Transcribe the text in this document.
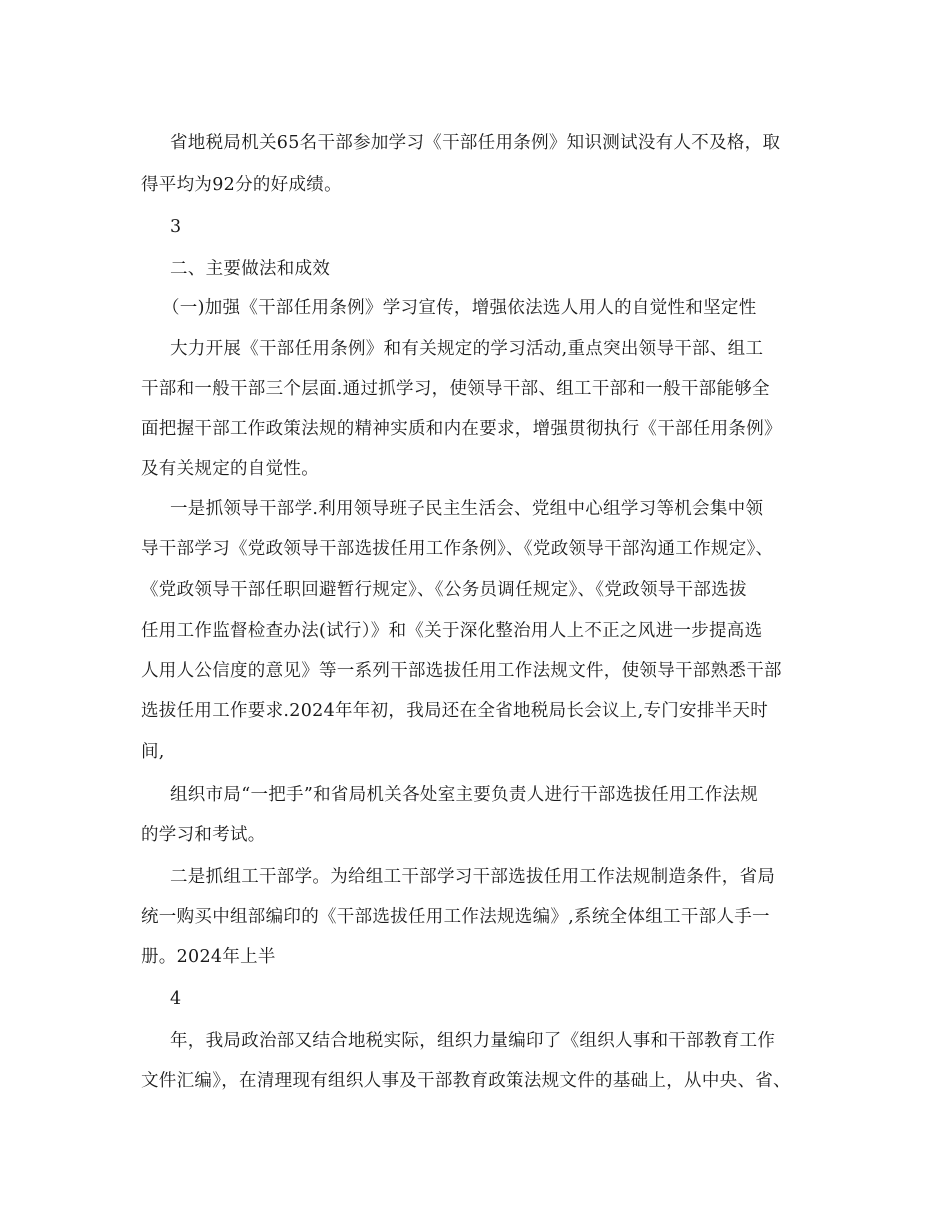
省地税局机关65名干部参加学习《干部任用条例》知识测试没有人不及格，取
得平均为92分的好成绩。
3
二、主要做法和成效
（一)加强《干部任用条例》学习宣传，增强依法选人用人的自觉性和坚定性
大力开展《干部任用条例》和有关规定的学习活动,重点突出领导干部、组工
干部和一般干部三个层面.通过抓学习，使领导干部、组工干部和一般干部能够全
面把握干部工作政策法规的精神实质和内在要求，增强贯彻执行《干部任用条例》
及有关规定的自觉性。
一是抓领导干部学.利用领导班子民主生活会、党组中心组学习等机会集中领
导干部学习《党政领导干部选拔任用工作条例》、《党政领导干部沟通工作规定》、
《党政领导干部任职回避暂行规定》、《公务员调任规定》、《党政领导干部选拔
任用工作监督检查办法(试行）》和《关于深化整治用人上不正之风进一步提高选
人用人公信度的意见》等一系列干部选拔任用工作法规文件，使领导干部熟悉干部
选拔任用工作要求.2024年年初，我局还在全省地税局长会议上,专门安排半天时
间,
组织市局“一把手”和省局机关各处室主要负责人进行干部选拔任用工作法规
的学习和考试。
二是抓组工干部学。为给组工干部学习干部选拔任用工作法规制造条件，省局
统一购买中组部编印的《干部选拔任用工作法规选编》,系统全体组工干部人手一
册。2024年上半
4
年，我局政治部又结合地税实际，组织力量编印了《组织人事和干部教育工作
文件汇编》，在清理现有组织人事及干部教育政策法规文件的基础上，从中央、省、
